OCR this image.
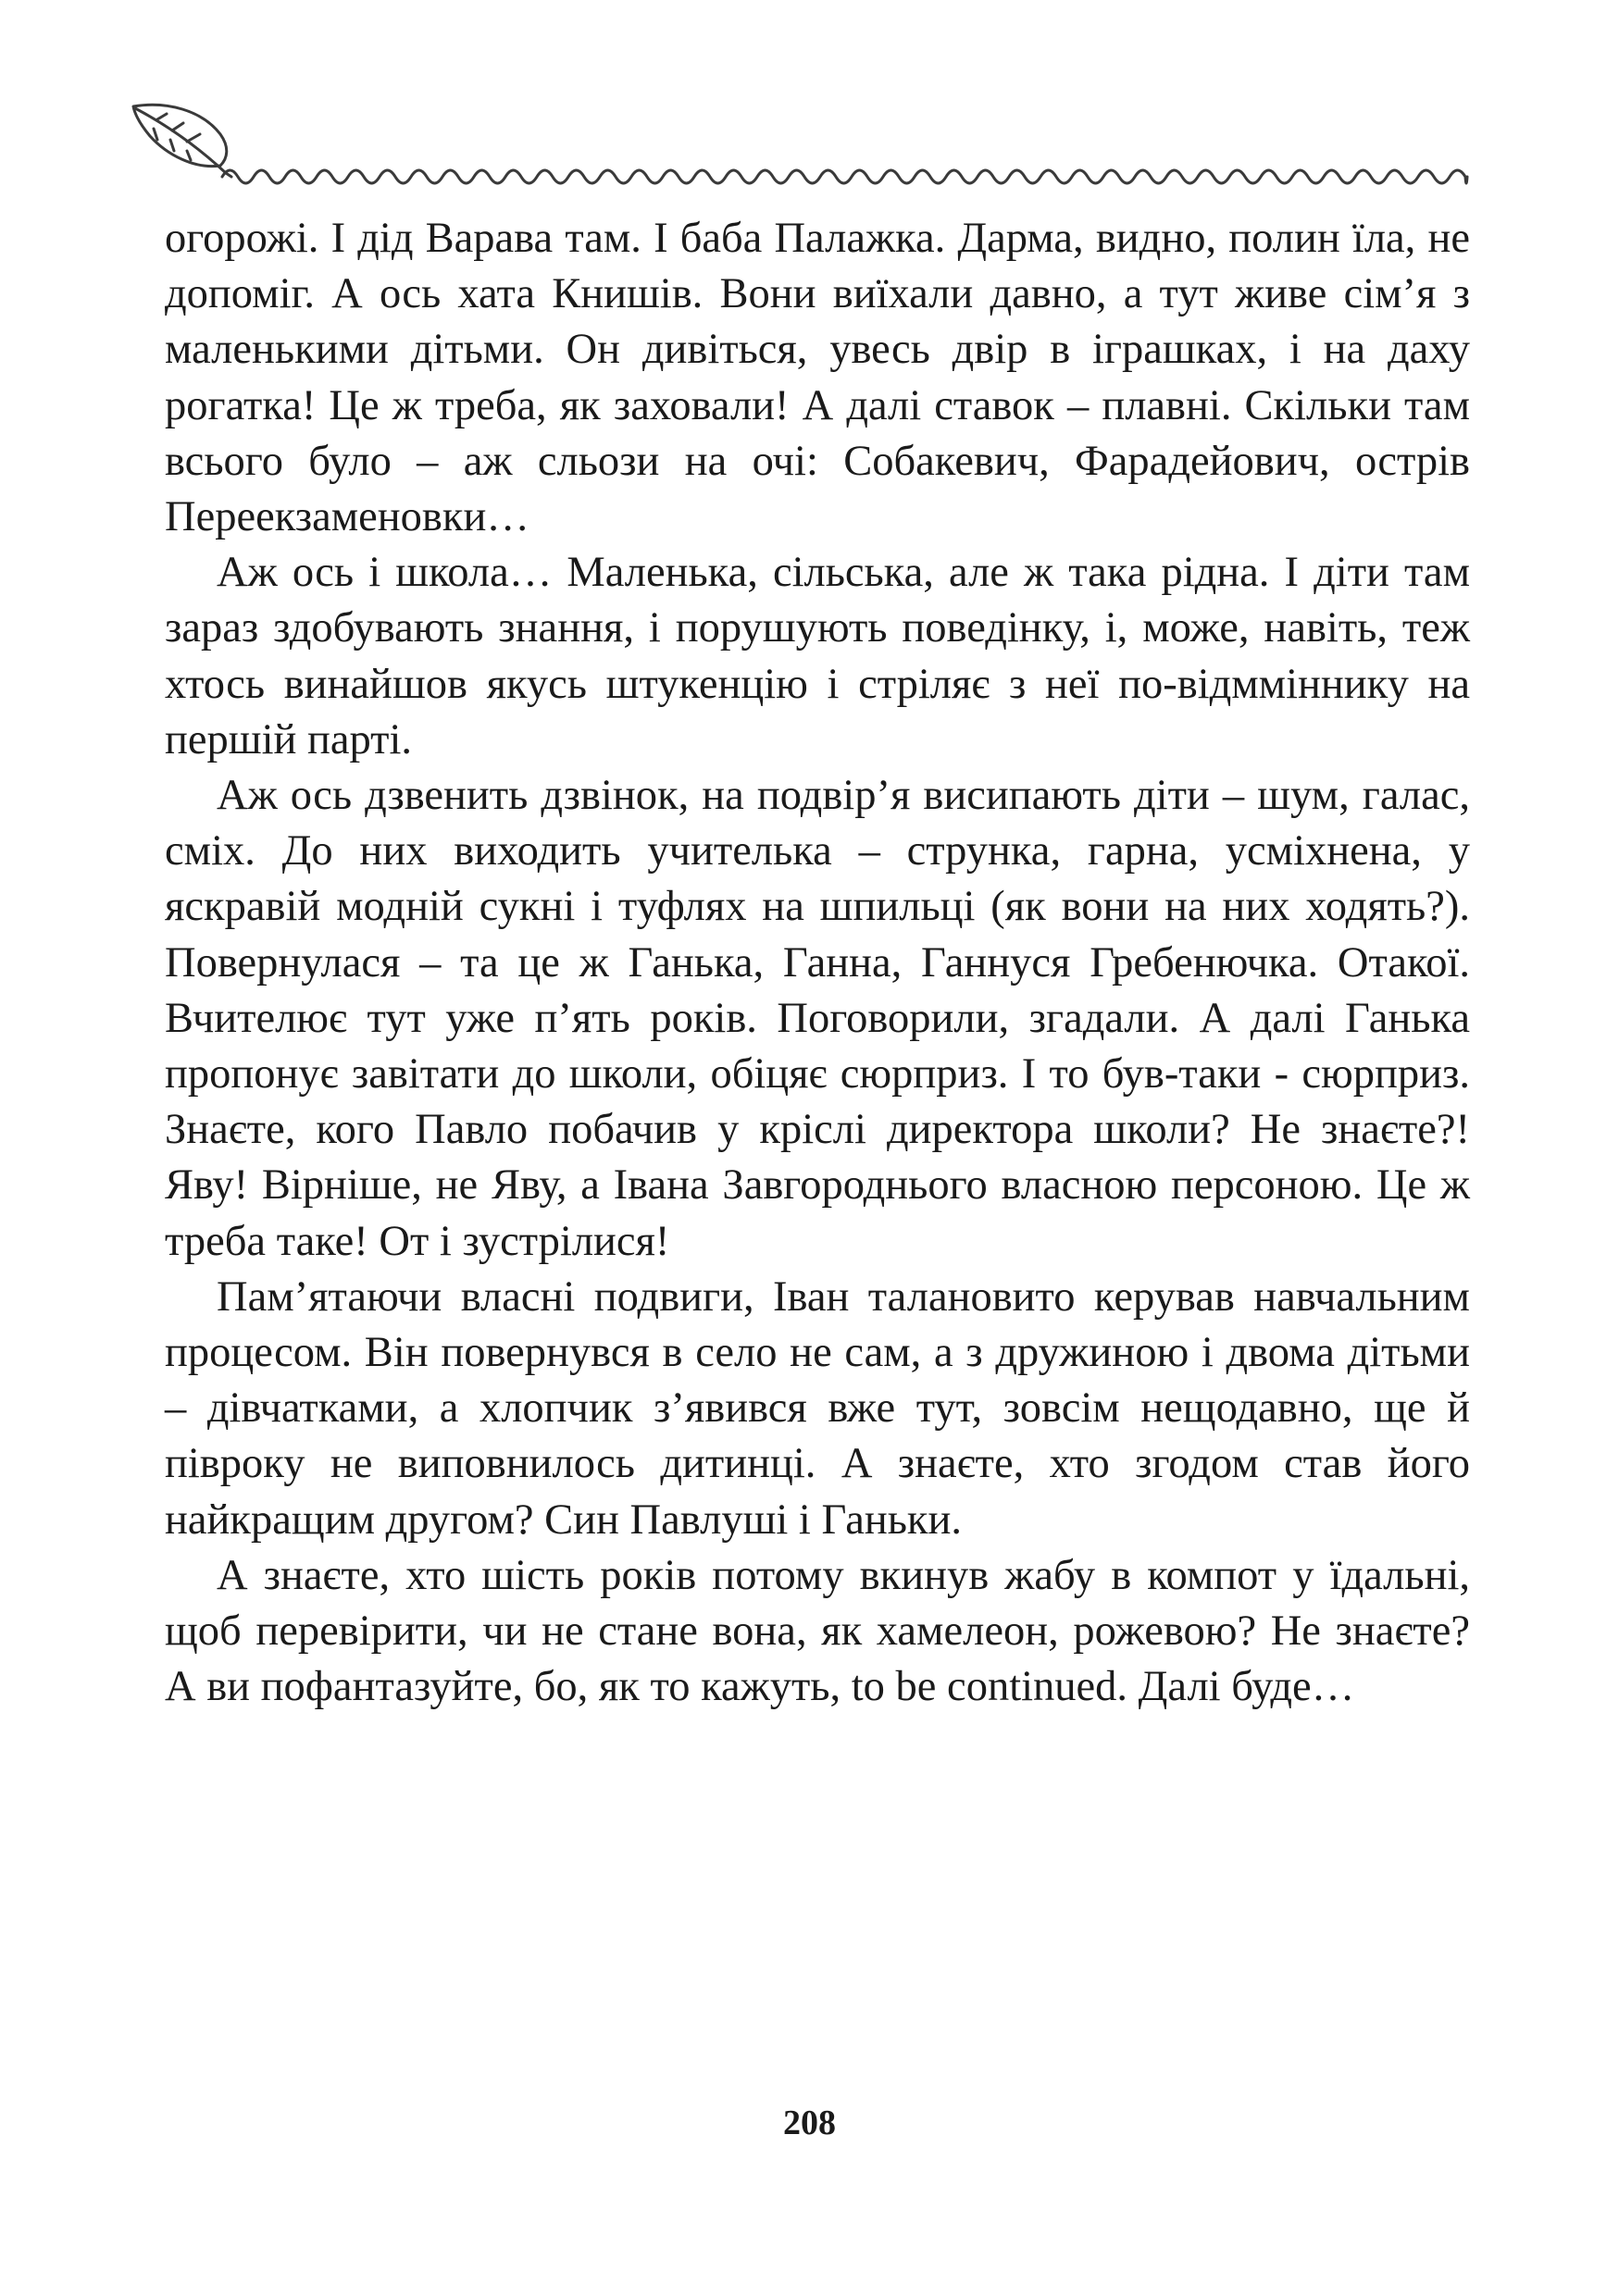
огорожі. І дід Варава там. І баба Палажка. Дарма, видно, полин їла, не допоміг. А ось хата Книшів. Вони виїхали давно, а тут живе сім’я з маленькими дітьми. Он дивіться, увесь двір в іграшках, і на даху рогатка! Це ж треба, як заховали! А далі ставок – плавні. Скільки там всього було – аж сльози на очі: Собакевич, Фарадейович, острів Переекзаменовки…

Аж ось і школа… Маленька, сільська, але ж така рідна. І діти там зараз здобувають знання, і порушують поведінку, і, може, навіть, теж хтось винайшов якусь штукенцію і стріляє з неї по-відмміннику на першій парті.

Аж ось дзвенить дзвінок, на подвір’я висипають діти – шум, галас, сміх. До них виходить учителька – струнка, гарна, усміхнена, у яскравій модній сукні і туфлях на шпильці (як вони на них ходять?). Повернулася – та це ж Ганька, Ганна, Ганнуся Гребенючка. Отакої. Вчителює тут уже п’ять років. Поговорили, згадали. А далі Ганька пропонує завітати до школи, обіцяє сюрприз. І то був-таки - сюрприз. Знаєте, кого Павло побачив у кріслі директора школи? Не знаєте?! Яву! Вірніше, не Яву, а Івана Завгороднього власною персоною. Це ж треба таке! От і зустрілися!

Пам’ятаючи власні подвиги, Іван талановито керував навчальним процесом. Він повернувся в село не сам, а з дружиною і двома дітьми – дівчатками, а хлопчик з’явився вже тут, зовсім нещодавно, ще й півроку не виповнилось дитинці. А знаєте, хто згодом став його найкращим другом? Син Павлуші і Ганьки.

А знаєте, хто шість років потому вкинув жабу в компот у їдальні, щоб перевірити, чи не стане вона, як хамелеон, рожевою? Не знаєте? А ви пофантазуйте, бо, як то кажуть, to be continued. Далі буде…

208
